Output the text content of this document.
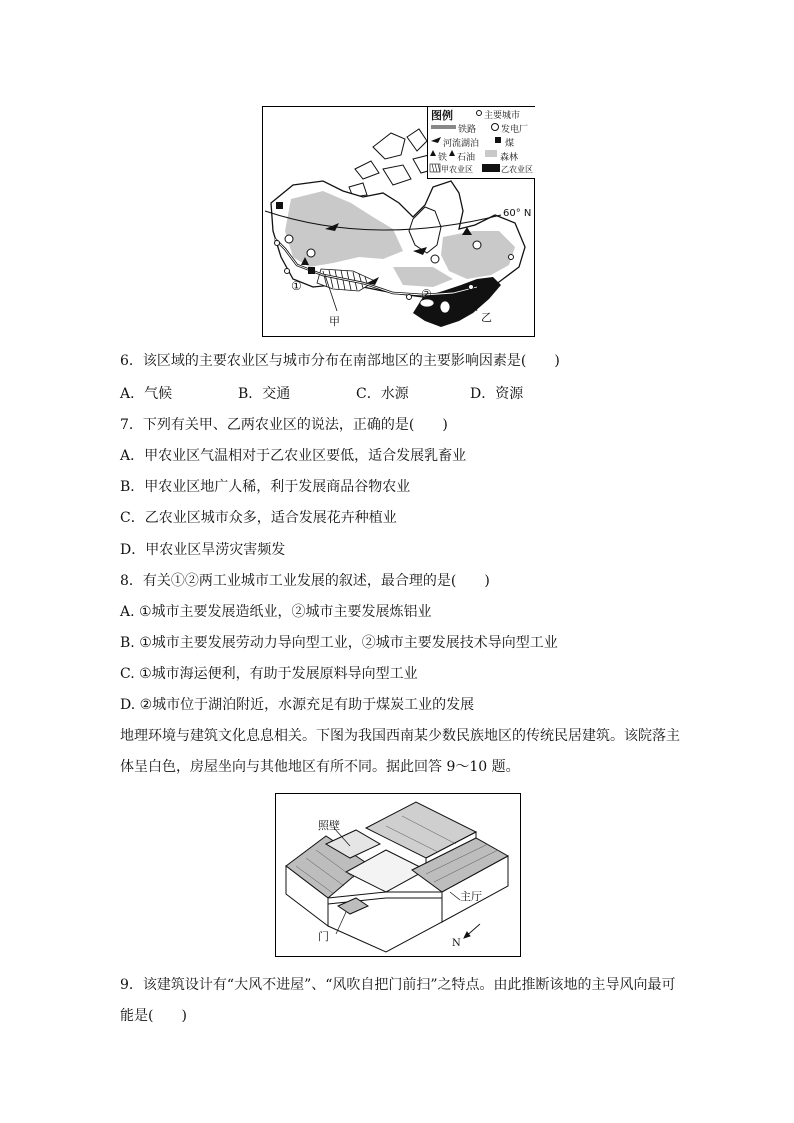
60° N
甲	乙
①
②
图例	主要城市
铁路	发电厂
河流湖泊	煤
铁 石油	森林
甲农业区	乙农业区
6．该区域的主要农业区与城市分布在南部地区的主要影响因素是(　　)
A．气候	B．交通	C．水源	D．资源
7．下列有关甲、乙两农业区的说法，正确的是(　　)
A．甲农业区气温相对于乙农业区要低，适合发展乳畜业
B．甲农业区地广人稀，利于发展商品谷物农业
C．乙农业区城市众多，适合发展花卉种植业
D．甲农业区旱涝灾害频发
8．有关①②两工业城市工业发展的叙述，最合理的是(　　)
A. ①城市主要发展造纸业，②城市主要发展炼铝业
B. ①城市主要发展劳动力导向型工业，②城市主要发展技术导向型工业
C. ①城市海运便利，有助于发展原料导向型工业
D. ②城市位于湖泊附近，水源充足有助于煤炭工业的发展
地理环境与建筑文化息息相关。下图为我国西南某少数民族地区的传统民居建筑。该院落主体呈白色，房屋坐向与其他地区有所不同。据此回答 9～10 题。
照壁
主厅
门
N
9．该建筑设计有“大风不进屋”、“风吹自把门前扫”之特点。由此推断该地的主导风向最可能是(　　)
